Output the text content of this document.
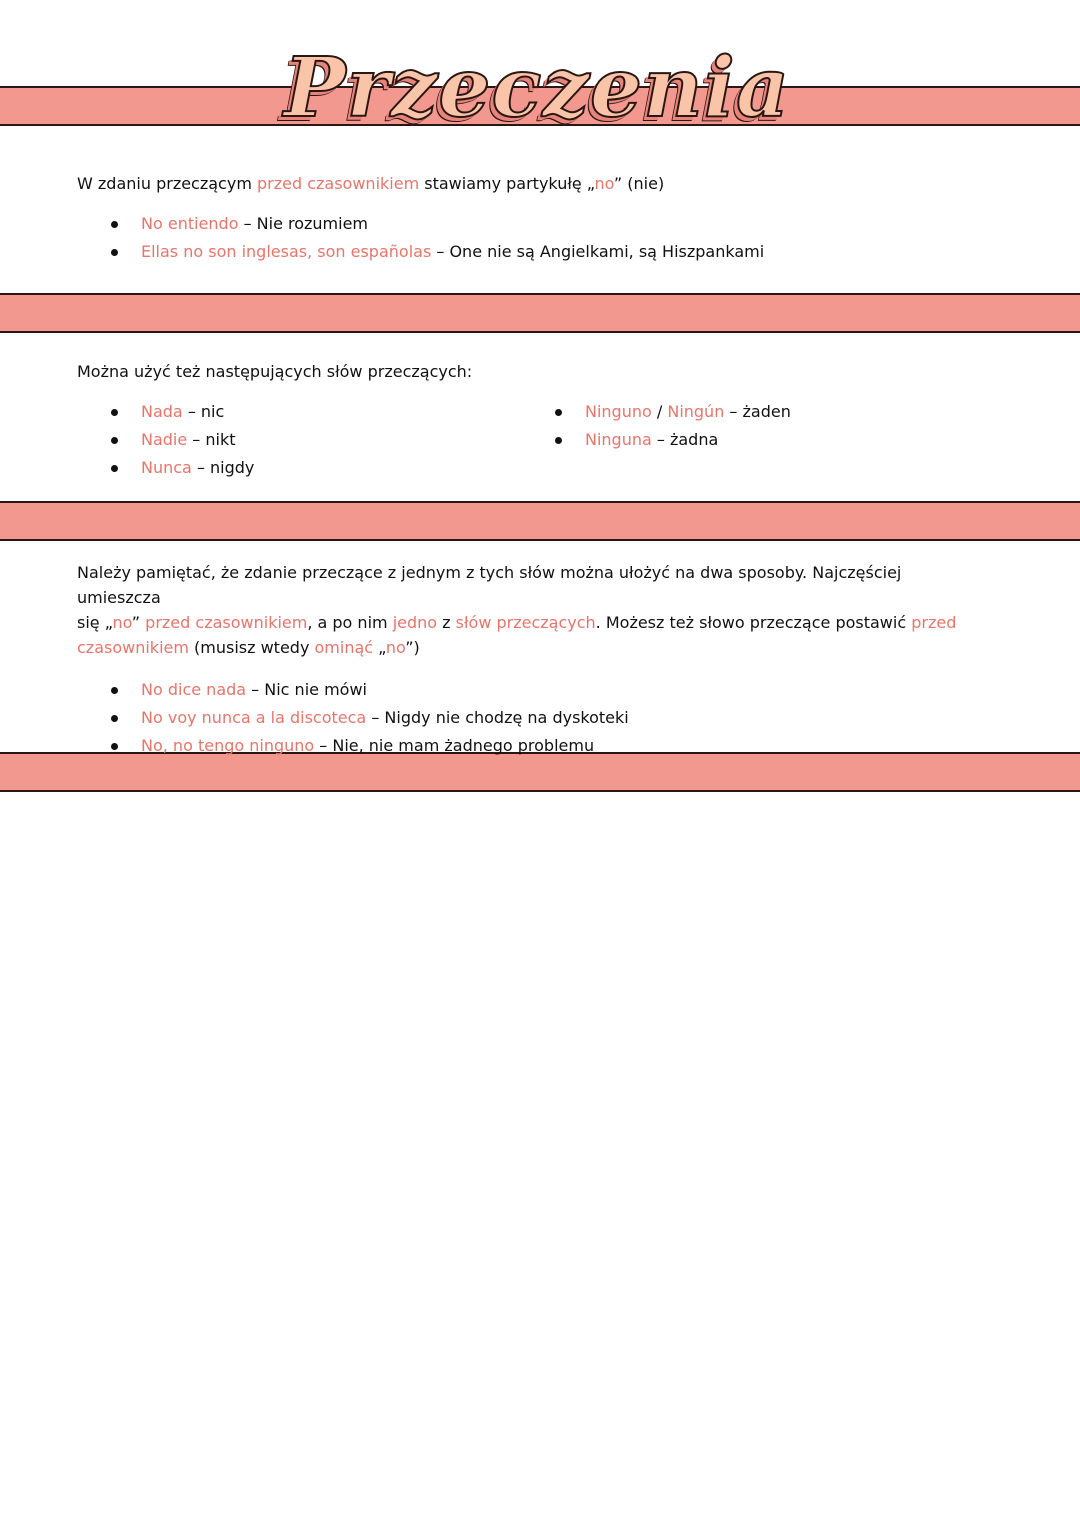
Przeczenia

W zdaniu przeczącym przed czasownikiem stawiamy partykułę „no” (nie)

No entiendo – Nie rozumiem
Ellas no son inglesas, son españolas – One nie są Angielkami, są Hiszpankami

Można użyć też następujących słów przeczących:

Nada – nic
Nadie – nikt
Nunca – nigdy
Ninguno / Ningún – żaden
Ninguna – żadna

Należy pamiętać, że zdanie przeczące z jednym z tych słów można ułożyć na dwa sposoby. Najczęściej umieszcza
się „no” przed czasownikiem, a po nim jedno z słów przeczących. Możesz też słowo przeczące postawić przed
czasownikiem (musisz wtedy ominąć „no”)

No dice nada – Nic nie mówi
No voy nunca a la discoteca – Nigdy nie chodzę na dyskoteki
No, no tengo ninguno – Nie, nie mam żadnego problemu
